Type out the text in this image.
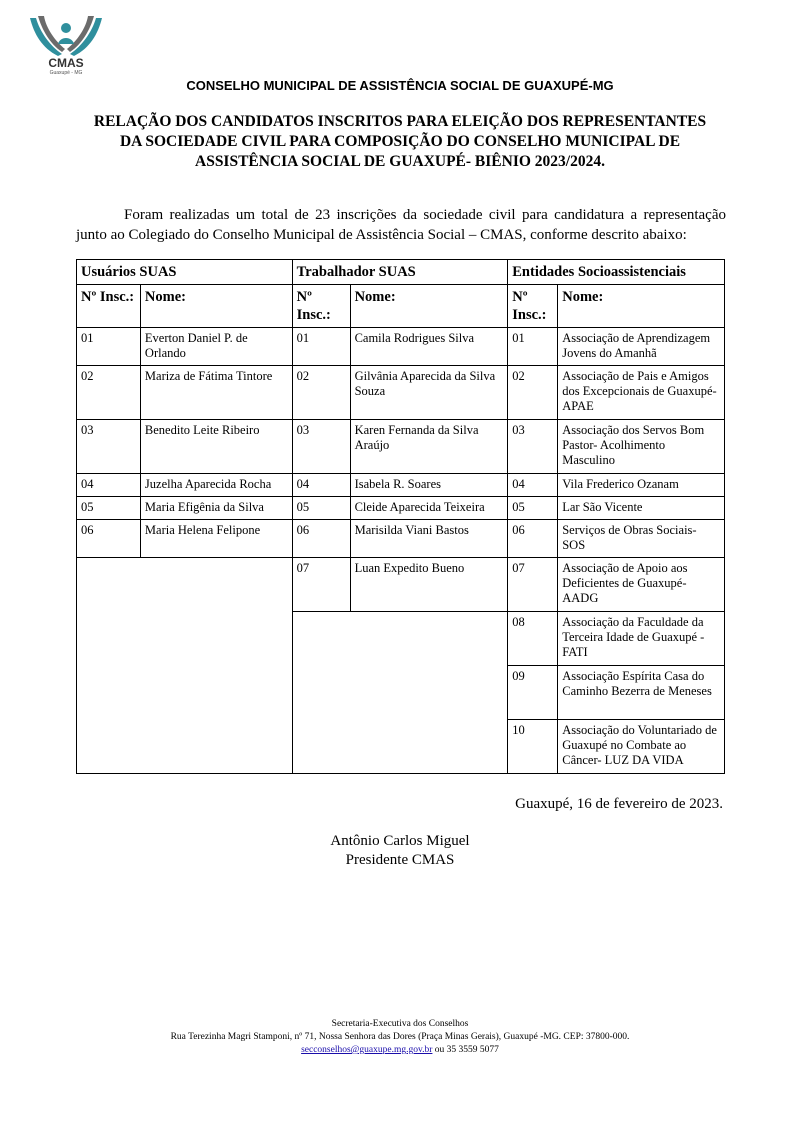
CMAS
Guaxupé - MG
CONSELHO MUNICIPAL DE ASSISTÊNCIA SOCIAL DE GUAXUPÉ-MG
RELAÇÃO DOS CANDIDATOS INSCRITOS PARA ELEIÇÃO DOS REPRESENTANTES
DA SOCIEDADE CIVIL PARA COMPOSIÇÃO DO CONSELHO MUNICIPAL DE
ASSISTÊNCIA SOCIAL DE GUAXUPÉ- BIÊNIO 2023/2024.
Foram realizadas um total de 23 inscrições da sociedade civil para candidatura a representação junto ao Colegiado do Conselho Municipal de Assistência Social – CMAS, conforme descrito abaixo:
Usuários SUAS		Trabalhador SUAS		Entidades Socioassistenciais	
Nº Insc.:	Nome:	Nº Insc.:	Nome:	Nº Insc.:	Nome:
01	Everton Daniel P. de Orlando	01	Camila Rodrigues Silva	01	Associação de Aprendizagem Jovens do Amanhã
02	Mariza de Fátima Tintore	02	Gilvânia Aparecida da Silva Souza	02	Associação de Pais e Amigos dos Excepcionais de Guaxupé- APAE
03	Benedito Leite Ribeiro	03	Karen Fernanda da Silva Araújo	03	Associação dos Servos Bom Pastor- Acolhimento Masculino
04	Juzelha Aparecida Rocha	04	Isabela R. Soares	04	Vila Frederico Ozanam
05	Maria Efigênia da Silva	05	Cleide Aparecida Teixeira	05	Lar São Vicente
06	Maria Helena Felipone	06	Marisilda Viani Bastos	06	Serviços de Obras Sociais- SOS
		07	Luan Expedito Bueno	07	Associação de Apoio aos Deficientes de Guaxupé- AADG
				08	Associação da Faculdade da Terceira Idade de Guaxupé - FATI
				09	Associação Espírita Casa do Caminho Bezerra de Meneses
				10	Associação do Voluntariado de Guaxupé no Combate ao Câncer- LUZ DA VIDA
Guaxupé, 16 de fevereiro de 2023.
Antônio Carlos Miguel
Presidente CMAS
Secretaria-Executiva dos Conselhos
Rua Terezinha Magri Stamponi, nº 71, Nossa Senhora das Dores (Praça Minas Gerais), Guaxupé -MG. CEP: 37800-000.
secconselhos@guaxupe.mg.gov.br ou 35 3559 5077
